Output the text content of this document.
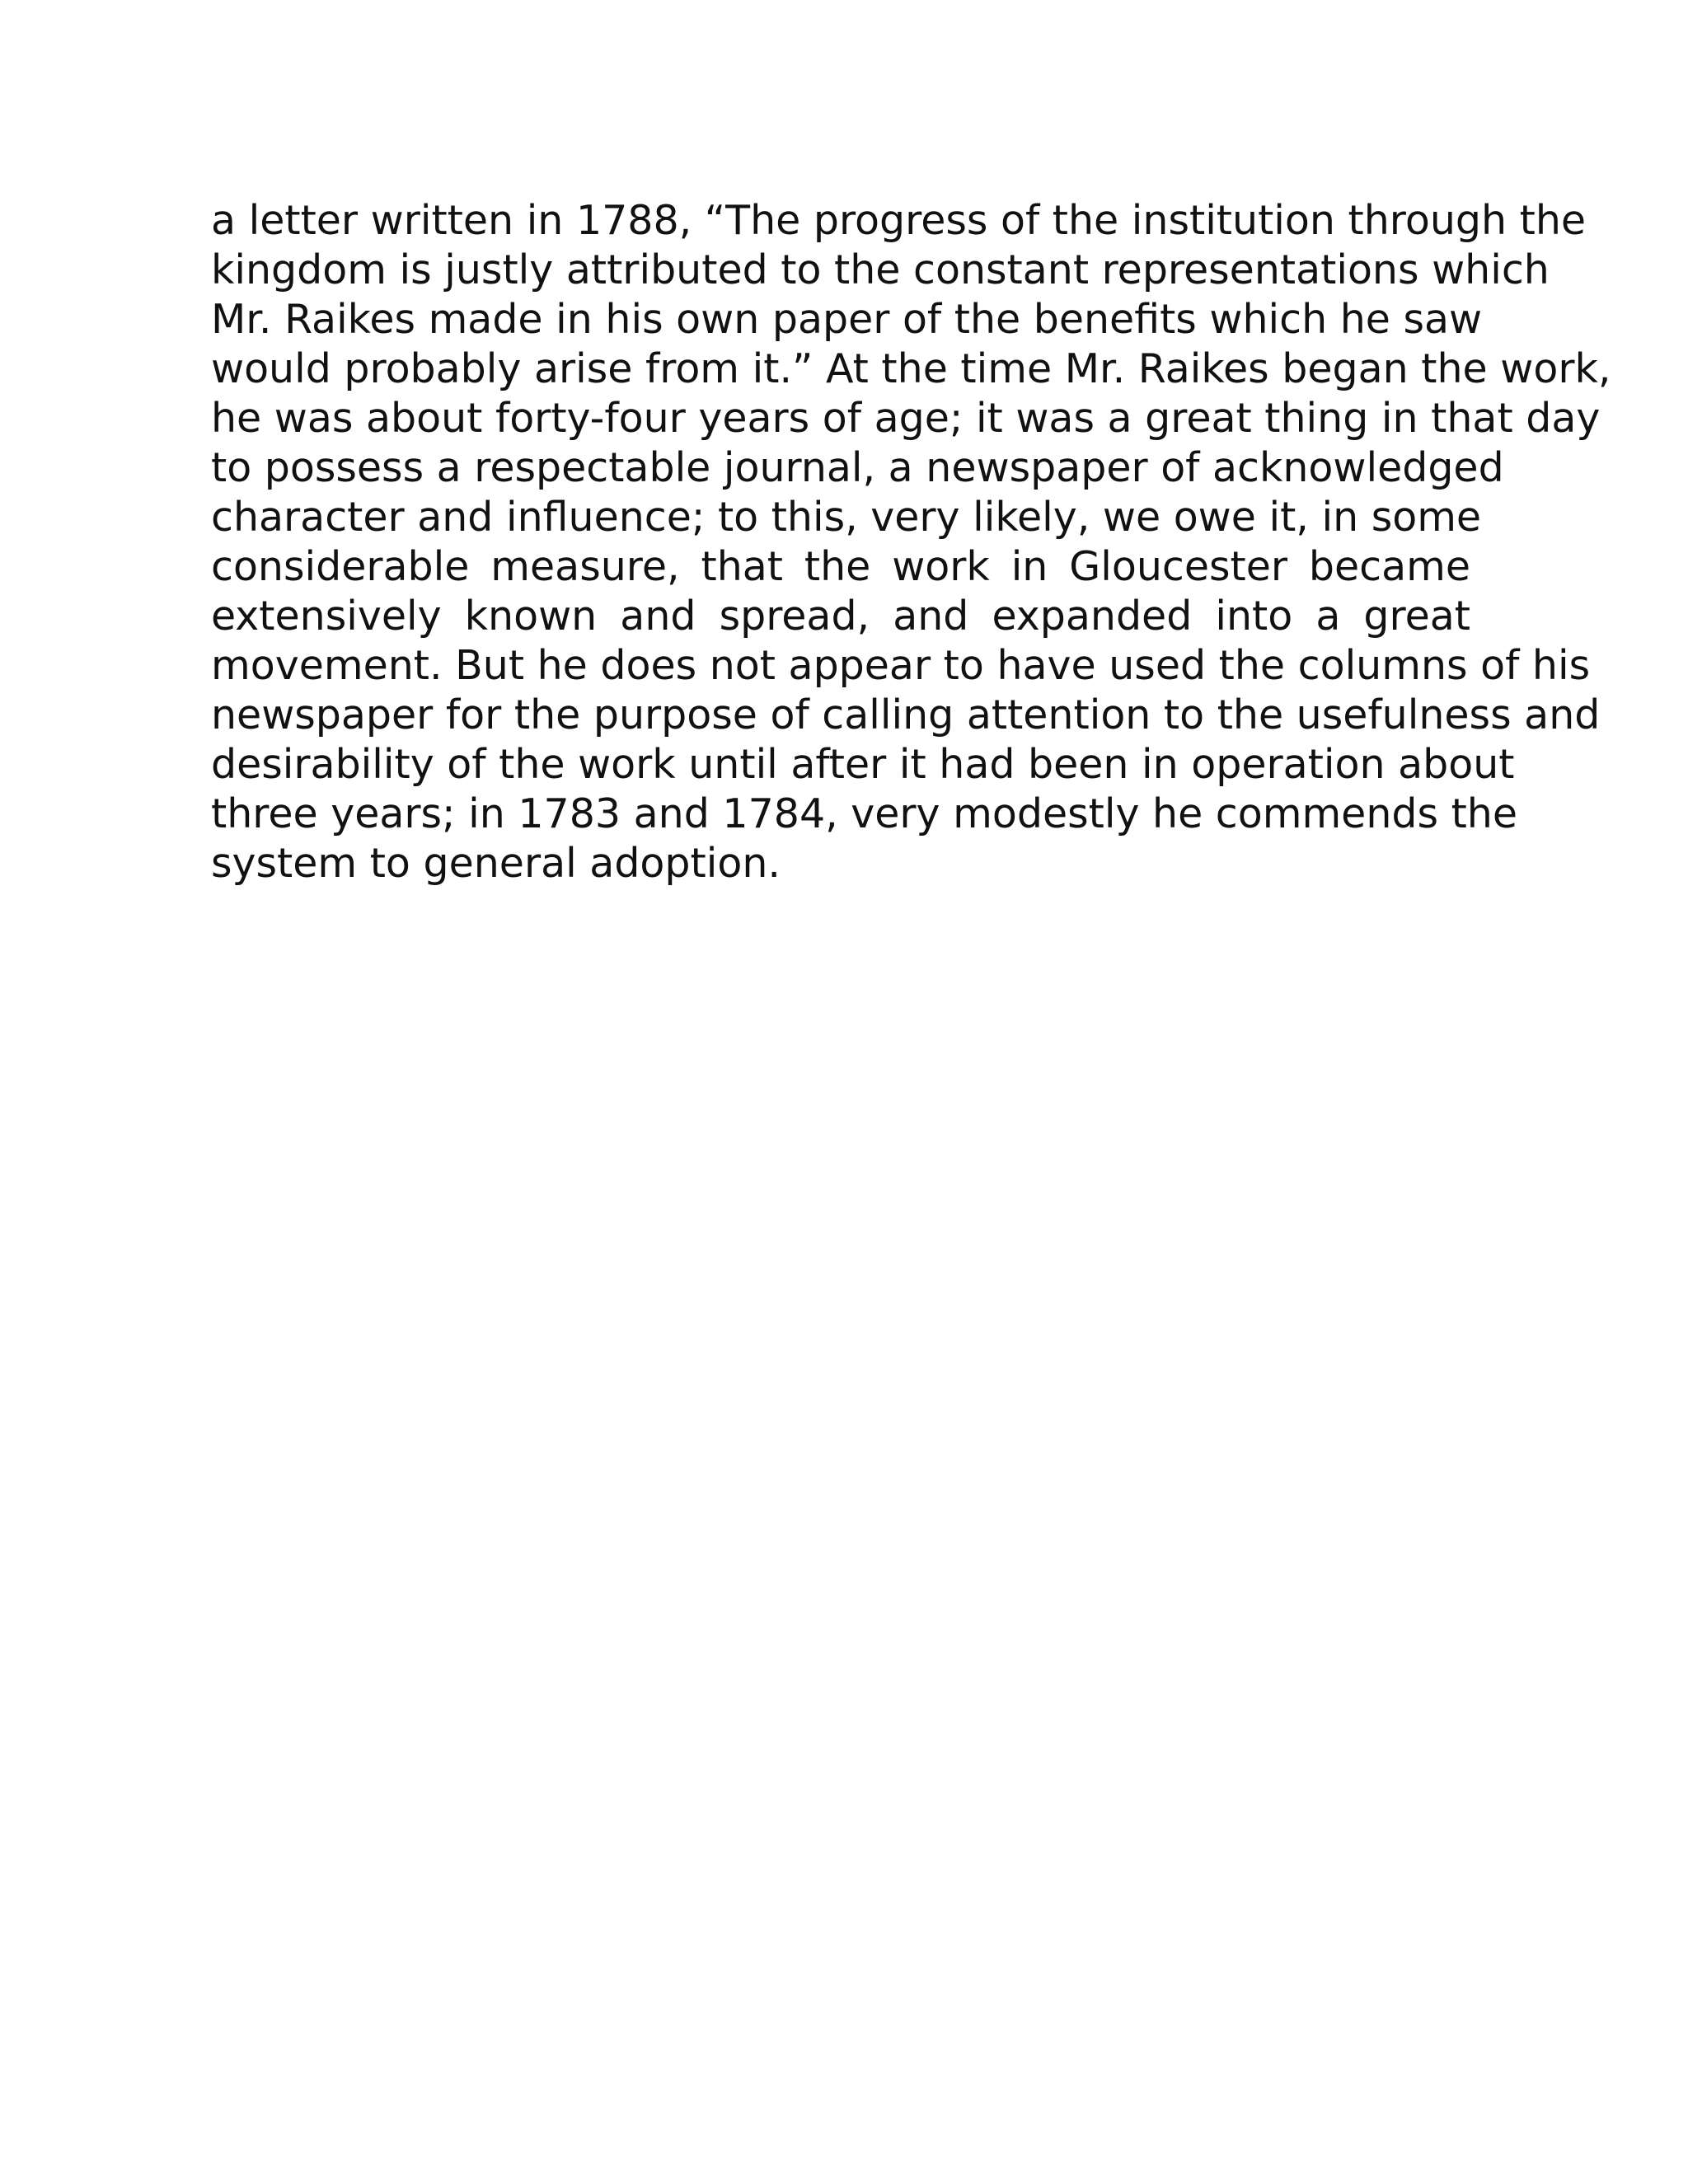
a letter written in 1788, “The progress of the institution through the
kingdom is justly attributed to the constant representations which
Mr. Raikes made in his own paper of the benefits which he saw
would probably arise from it.” At the time Mr. Raikes began the work,
he was about forty-four years of age; it was a great thing in that day
to possess a respectable journal, a newspaper of acknowledged
character and influence; to this, very likely, we owe it, in some
considerable measure, that the work in Gloucester became
extensively known and spread, and expanded into a great
movement. But he does not appear to have used the columns of his
newspaper for the purpose of calling attention to the usefulness and
desirability of the work until after it had been in operation about
three years; in 1783 and 1784, very modestly he commends the
system to general adoption.
